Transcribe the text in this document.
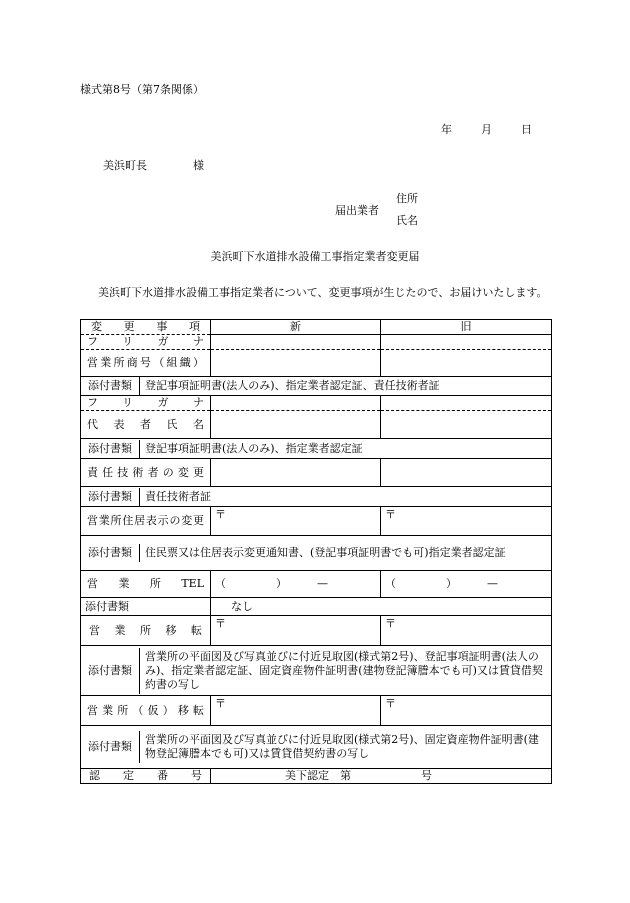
様式第8号（第7条関係）
年	月	日
美浜町長	様
届出業者
住所
氏名
美浜町下水道排水設備工事指定業者変更届
美浜町下水道排水設備工事指定業者について、変更事項が生じたので、お届けいたします。
変更事項	新	旧

フリガナ		

営業所商号（組織）		

添付書類 登記事項証明書(法人のみ)、指定業者認定証、責任技術者証		

フリガナ		

代表者氏名		

添付書類 登記事項証明書(法人のみ)、指定業者認定証		

責任技術者の変更		

添付書類 責任技術者証		

営業所住居表示の変更	〒	〒

添付書類 住民票又は住居表示変更通知書、(登記事項証明書でも可)指定業者認定証		

営業所TEL	（ ） —	（ ） —
添付書類	なし	

営業所移転	〒	〒

添付書類
営業所の平面図及び写真並びに付近見取図(様式第2号)、登記事項証明書(法人のみ)、指定業者認定証、固定資産物件証明書(建物登記簿謄本でも可)又は賃貸借契約書の写し		

営業所（仮）移転	〒	〒

添付書類
営業所の平面図及び写真並びに付近見取図(様式第2号)、固定資産物件証明書(建物登記簿謄本でも可)又は賃貸借契約書の写し		

認定番号	美下認定　第 号	
